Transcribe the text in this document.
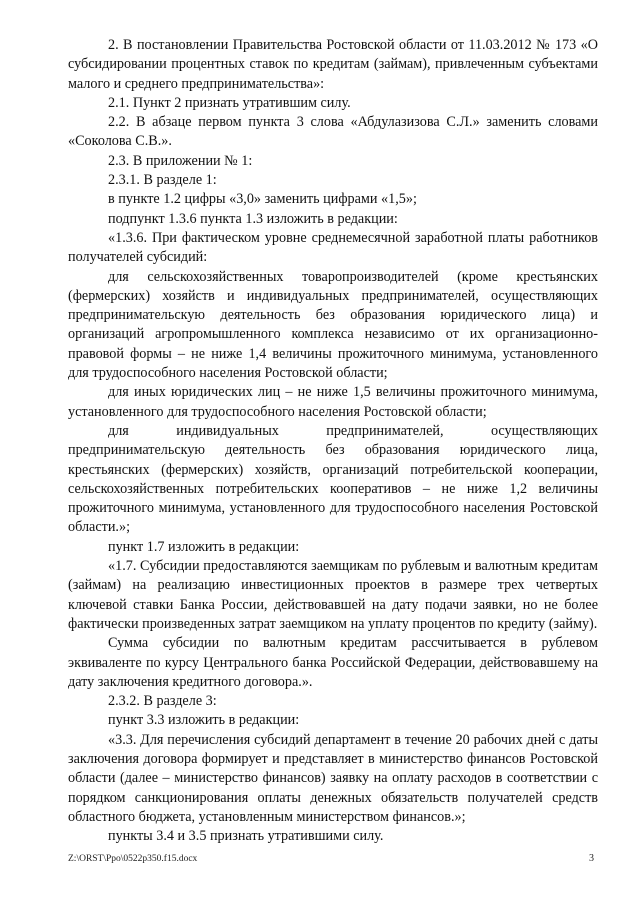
2. В постановлении Правительства Ростовской области от 11.03.2012 № 173 «О субсидировании процентных ставок по кредитам (займам), привлеченным субъектами малого и среднего предпринимательства»:

2.1. Пункт 2 признать утратившим силу.

2.2. В абзаце первом пункта 3 слова «Абдулазизова С.Л.» заменить словами «Соколова С.В.».

2.3. В приложении № 1:

2.3.1. В разделе 1:

в пункте 1.2 цифры «3,0» заменить цифрами «1,5»;

подпункт 1.3.6 пункта 1.3 изложить в редакции:

«1.3.6. При фактическом уровне среднемесячной заработной платы работников получателей субсидий:

для сельскохозяйственных товаропроизводителей (кроме крестьянских (фермерских) хозяйств и индивидуальных предпринимателей, осуществляющих предпринимательскую деятельность без образования юридического лица) и организаций агропромышленного комплекса независимо от их организационно-правовой формы – не ниже 1,4 величины прожиточного минимума, установленного для трудоспособного населения Ростовской области;

для иных юридических лиц – не ниже 1,5 величины прожиточного минимума, установленного для трудоспособного населения Ростовской области;

для индивидуальных предпринимателей, осуществляющих предпринимательскую деятельность без образования юридического лица, крестьянских (фермерских) хозяйств, организаций потребительской кооперации, сельскохозяйственных потребительских кооперативов – не ниже 1,2 величины прожиточного минимума, установленного для трудоспособного населения Ростовской области.»;

пункт 1.7 изложить в редакции:

«1.7. Субсидии предоставляются заемщикам по рублевым и валютным кредитам (займам) на реализацию инвестиционных проектов в размере трех четвертых ключевой ставки Банка России, действовавшей на дату подачи заявки, но не более фактически произведенных затрат заемщиком на уплату процентов по кредиту (займу).

Сумма субсидии по валютным кредитам рассчитывается в рублевом эквиваленте по курсу Центрального банка Российской Федерации, действовавшему на дату заключения кредитного договора.».

2.3.2. В разделе 3:

пункт 3.3 изложить в редакции:

«3.3. Для перечисления субсидий департамент в течение 20 рабочих дней с даты заключения договора формирует и представляет в министерство финансов Ростовской области (далее – министерство финансов) заявку на оплату расходов в соответствии с порядком санкционирования оплаты денежных обязательств получателей средств областного бюджета, установленным министерством финансов.»;

пункты 3.4 и 3.5 признать утратившими силу.

Z:\ORST\Ppo\0522p350.f15.docx	3
